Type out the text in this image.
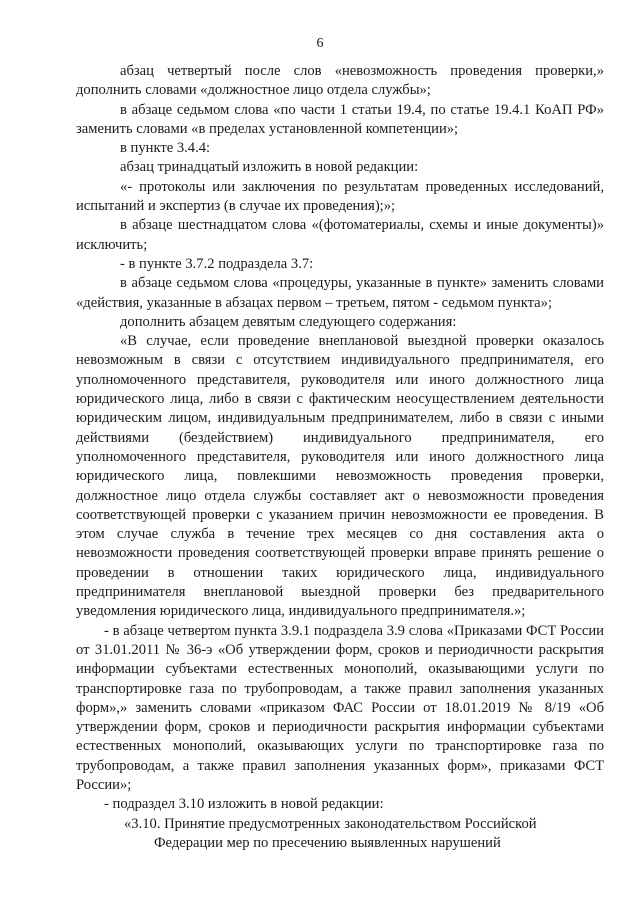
6

абзац четвертый после слов «невозможность проведения проверки,» дополнить словами «должностное лицо отдела службы»;

в абзаце седьмом слова «по части 1 статьи 19.4, по статье 19.4.1 КоАП РФ» заменить словами «в пределах установленной компетенции»;

в пункте 3.4.4:

абзац тринадцатый изложить в новой редакции:

«- протоколы или заключения по результатам проведенных исследований, испытаний и экспертиз (в случае их проведения);»;

в абзаце шестнадцатом слова «(фотоматериалы, схемы и иные документы)» исключить;

- в пункте 3.7.2 подраздела 3.7:

в абзаце седьмом слова «процедуры, указанные в пункте» заменить словами «действия, указанные в абзацах первом – третьем, пятом - седьмом пункта»;

дополнить абзацем девятым следующего содержания:

«В случае, если проведение внеплановой выездной проверки оказалось невозможным в связи с отсутствием индивидуального предпринимателя, его уполномоченного представителя, руководителя или иного должностного лица юридического лица, либо в связи с фактическим неосуществлением деятельности юридическим лицом, индивидуальным предпринимателем, либо в связи с иными действиями (бездействием) индивидуального предпринимателя, его уполномоченного представителя, руководителя или иного должностного лица юридического лица, повлекшими невозможность проведения проверки, должностное лицо отдела службы составляет акт о невозможности проведения соответствующей проверки с указанием причин невозможности ее проведения. В этом случае служба в течение трех месяцев со дня составления акта о невозможности проведения соответствующей проверки вправе принять решение о проведении в отношении таких юридического лица, индивидуального предпринимателя внеплановой выездной проверки без предварительного уведомления юридического лица, индивидуального предпринимателя.»;

- в абзаце четвертом пункта 3.9.1 подраздела 3.9 слова «Приказами ФСТ России от 31.01.2011 № 36-э «Об утверждении форм, сроков и периодичности раскрытия информации субъектами естественных монополий, оказывающими услуги по транспортировке газа по трубопроводам, а также правил заполнения указанных форм»,» заменить словами «приказом ФАС России от 18.01.2019 № 8/19 «Об утверждении форм, сроков и периодичности раскрытия информации субъектами естественных монополий, оказывающих услуги по транспортировке газа по трубопроводам, а также правил заполнения указанных форм», приказами ФСТ России»;

- подраздел 3.10 изложить в новой редакции:

«3.10. Принятие предусмотренных законодательством Российской

Федерации мер по пресечению выявленных нарушений
